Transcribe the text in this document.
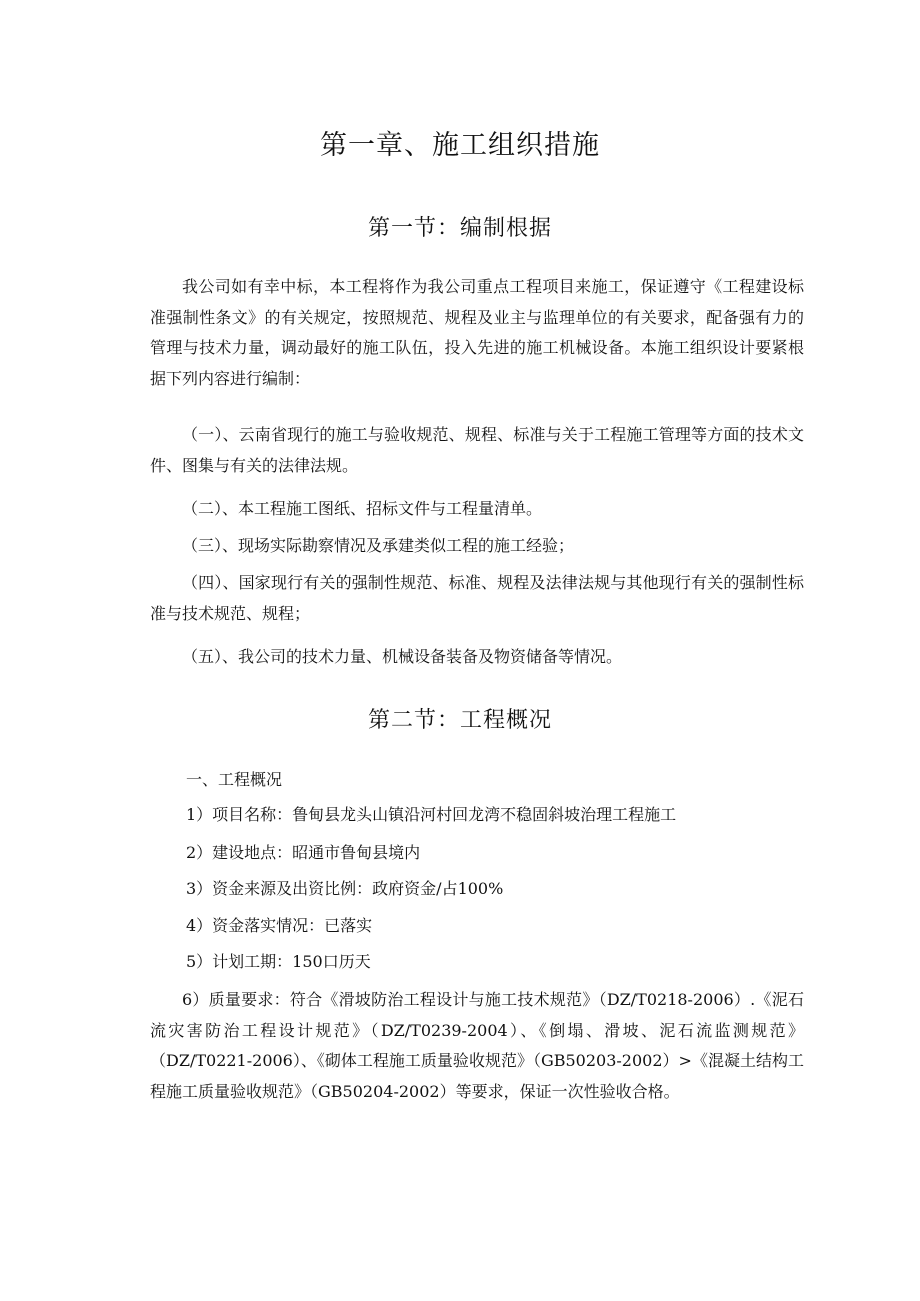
第一章、施工组织措施
第一节：编制根据

我公司如有幸中标，本工程将作为我公司重点工程项目来施工，保证遵守《工程建设标准强制性条文》的有关规定，按照规范、规程及业主与监理单位的有关要求，配备强有力的管理与技术力量，调动最好的施工队伍，投入先进的施工机械设备。本施工组织设计要紧根据下列内容进行编制：

（一）、云南省现行的施工与验收规范、规程、标准与关于工程施工管理等方面的技术文件、图集与有关的法律法规。

（二）、本工程施工图纸、招标文件与工程量清单。

（三）、现场实际勘察情况及承建类似工程的施工经验；

（四）、国家现行有关的强制性规范、标准、规程及法律法规与其他现行有关的强制性标准与技术规范、规程；

（五）、我公司的技术力量、机械设备装备及物资储备等情况。

第二节：工程概况
一、工程概况
1）项目名称：鲁甸县龙头山镇沿河村回龙湾不稳固斜坡治理工程施工
2）建设地点：昭通市鲁甸县境内
3）资金来源及出资比例：政府资金/占100%
4）资金落实情况：已落实
5）计划工期：150口历天

6）质量要求：符合《滑坡防治工程设计与施工技术规范》（DZ/T0218-2006）.《泥石流灾害防治工程设计规范》（DZ/T0239-2004）、《倒塌、滑坡、泥石流监测规范》（DZ/T0221-2006）、《砌体工程施工质量验收规范》（GB50203-2002）>《混凝土结构工程施工质量验收规范》（GB50204-2002）等要求，保证一次性验收合格。
